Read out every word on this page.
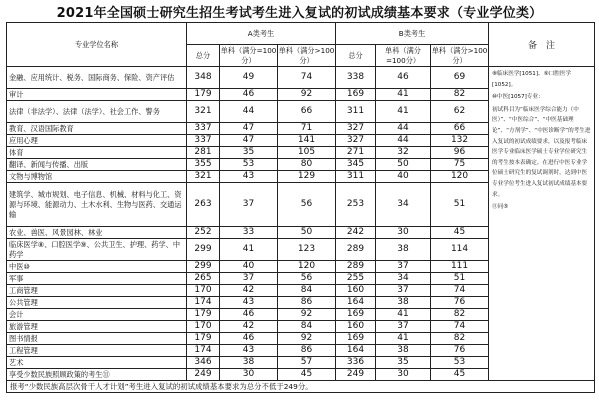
2021年全国硕士研究生招生考试考生进入复试的初试成绩基本要求（专业学位类）
专业学位名称	A类考生			B类考生			备　注
	总分	单科（满分=100分）	单科（满分>100分）	总分	单科（满分=100分）	单科（满分>100分）	
金融、应用统计、税务、国际商务、保险、资产评估	348	49	74	338	46	69	⑧临床医学[1051]、⑨口腔医学[1052]。

⑩中医[1057]专业：

初试科目为“临床医学综合能力（中医）”、“中医综合”、“中医基础理论”、“方剂学”、“中医诊断学”的考生进入复试的初试成绩要求，以及报考临床医学专业临床医学硕士专业学位研究生的考生按本表确定。在进行中医专业学位硕士研究生的复试调剂时，达到中医专业学位考生进入复试初试成绩基本要求。

⑪同⑤

审计	179	46	92	169	41	82	
法律（非法学）、法律（法学）、社会工作、警务	321	44	66	311	41	62	
教育、汉语国际教育	337	47	71	327	44	66	
应用心理	337	47	141	327	44	132	
体育	281	35	105	271	32	96	
翻译、新闻与传播、出版	355	53	80	345	50	75	
文物与博物馆	321	43	129	311	40	120	
建筑学、城市规划、电子信息、机械、材料与化工、资源与环境、能源动力、土木水利、生物与医药、交通运输	263	37	56	253	34	51	
农业、兽医、风景园林、林业	252	33	50	242	30	45	
临床医学⑧、口腔医学⑨、公共卫生、护理、药学、中药学	299	41	123	289	38	114	
中医⑩	299	40	120	289	37	111	
军事	265	37	56	255	34	51	
工商管理	170	42	84	160	37	74	
公共管理	174	43	86	164	38	76	
会计	179	46	92	169	41	82	
旅游管理	170	42	84	160	37	74	
图书情报	179	46	92	169	41	82	
工程管理	174	43	86	164	38	76	
艺术	346	38	57	336	35	53	
享受少数民族照顾政策的考生⑪	249	30	45	249	30	45	
报考“少数民族高层次骨干人才计划”考生进入复试的初试成绩基本要求为总分不低于249分。							
